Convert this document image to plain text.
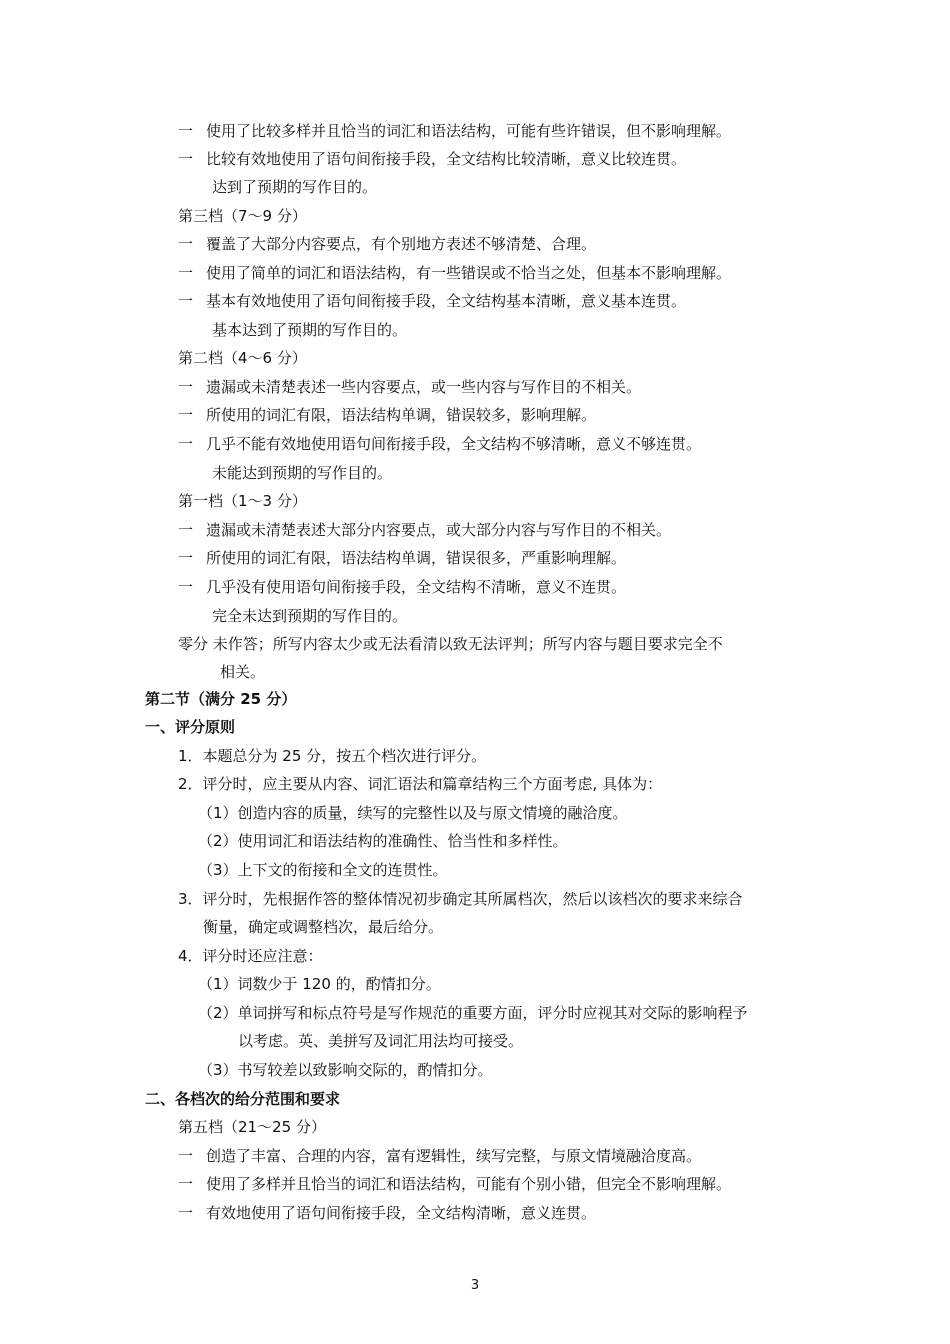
一 使用了比较多样并且恰当的词汇和语法结构，可能有些许错误，但不影响理解。
一 比较有效地使用了语句间衔接手段，全文结构比较清晰，意义比较连贯。
达到了预期的写作目的。
第三档（7～9 分）
一 覆盖了大部分内容要点，有个别地方表述不够清楚、合理。
一 使用了简单的词汇和语法结构，有一些错误或不恰当之处，但基本不影响理解。
一 基本有效地使用了语句间衔接手段，全文结构基本清晰，意义基本连贯。
基本达到了预期的写作目的。
第二档（4～6 分）
一 遗漏或未清楚表述一些内容要点，或一些内容与写作目的不相关。
一 所使用的词汇有限，语法结构单调，错误较多，影响理解。
一 几乎不能有效地使用语句间衔接手段，全文结构不够清晰，意义不够连贯。
未能达到预期的写作目的。
第一档（1～3 分）
一 遗漏或未清楚表述大部分内容要点，或大部分内容与写作目的不相关。
一 所使用的词汇有限，语法结构单调，错误很多，严重影响理解。
一 几乎没有使用语句间衔接手段，全文结构不清晰，意义不连贯。
完全未达到预期的写作目的。
零分 未作答；所写内容太少或无法看清以致无法评判；所写内容与题目要求完全不
相关。
第二节（满分 25 分）
一、评分原则
1．本题总分为 25 分，按五个档次进行评分。
2．评分时，应主要从内容、词汇语法和篇章结构三个方面考虑, 具体为：
（1）创造内容的质量，续写的完整性以及与原文情境的融洽度。
（2）使用词汇和语法结构的准确性、恰当性和多样性。
（3）上下文的衔接和全文的连贯性。
3．评分时，先根据作答的整体情况初步确定其所属档次，然后以该档次的要求来综合
衡量，确定或调整档次，最后给分。
4．评分时还应注意：
（1）词数少于 120 的，酌情扣分。
（2）单词拼写和标点符号是写作规范的重要方面，评分时应视其对交际的影响程予
以考虑。英、美拼写及词汇用法均可接受。
（3）书写较差以致影响交际的，酌情扣分。
二、各档次的给分范围和要求
第五档（21～25 分）
一 创造了丰富、合理的内容，富有逻辑性，续写完整，与原文情境融洽度高。
一 使用了多样并且恰当的词汇和语法结构，可能有个别小错，但完全不影响理解。
一 有效地使用了语句间衔接手段，全文结构清晰，意义连贯。
3
